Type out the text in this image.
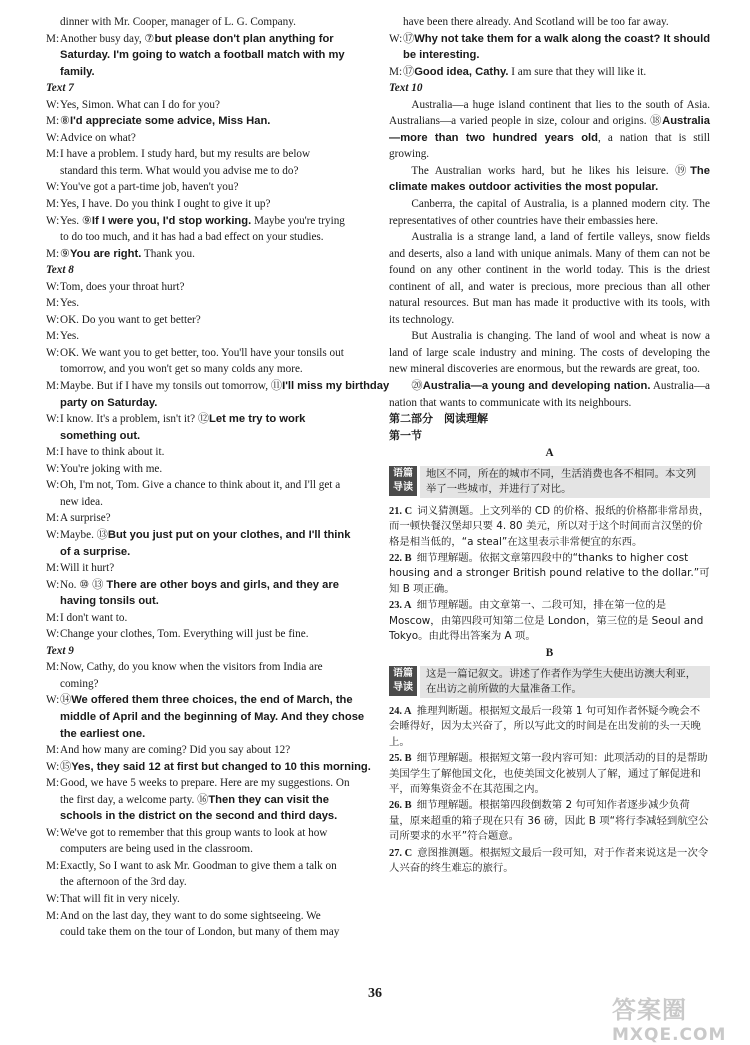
dinner with Mr. Cooper, manager of L. G. Company.
M: Another busy day, ⑦but please don't plan anything for
Saturday. I'm going to watch a football match with my
family.
Text 7
W: Yes, Simon. What can I do for you?
M: ⑧I'd appreciate some advice, Miss Han.
W: Advice on what?
M: I have a problem. I study hard, but my results are below
standard this term. What would you advise me to do?
W: You've got a part-time job, haven't you?
M: Yes, I have. Do you think I ought to give it up?
W: Yes. ⑨If I were you, I'd stop working. Maybe you're trying
to do too much, and it has had a bad effect on your studies.
M: ⑨You are right. Thank you.
Text 8
W: Tom, does your throat hurt?
M: Yes.
W: OK. Do you want to get better?
M: Yes.
W: OK. We want you to get better, too. You'll have your tonsils out
tomorrow, and you won't get so many colds any more.
M: Maybe. But if I have my tonsils out tomorrow, ⑪I'll miss my birthday
party on Saturday.
W: I know. It's a problem, isn't it? ⑫Let me try to work
something out.
M: I have to think about it.
W: You're joking with me.
W: Oh, I'm not, Tom. Give a chance to think about it, and I'll get a
new idea.
M: A surprise?
W: Maybe. ⑬But you just put on your clothes, and I'll think
of a surprise.
M: Will it hurt?
W: No. ⑩ ⑬ There are other boys and girls, and they are
having tonsils out.
M: I don't want to.
W: Change your clothes, Tom. Everything will just be fine.
Text 9
M: Now, Cathy, do you know when the visitors from India are
coming?
W: ⑭We offered them three choices, the end of March, the
middle of April and the beginning of May. And they chose
the earliest one.
M: And how many are coming? Did you say about 12?
W: ⑮Yes, they said 12 at first but changed to 10 this morning.
M: Good, we have 5 weeks to prepare. Here are my suggestions. On
the first day, a welcome party. ⑯Then they can visit the
schools in the district on the second and third days.
W: We've got to remember that this group wants to look at how
computers are being used in the classroom.
M: Exactly, So I want to ask Mr. Goodman to give them a talk on
the afternoon of the 3rd day.
W: That will fit in very nicely.
M: And on the last day, they want to do some sightseeing. We
could take them on the tour of London, but many of them may
have been there already. And Scotland will be too far away.
W: ⑰Why not take them for a walk along the coast? It should
be interesting.
M: ⑰Good idea, Cathy. I am sure that they will like it.
Text 10
Australia—a huge island continent that lies to the south of Asia. Australians—a varied people in size, colour and origins. ⑱Australia—more than two hundred years old, a nation that is still growing.
The Australian works hard, but he likes his leisure. ⑲The climate makes outdoor activities the most popular.
Canberra, the capital of Australia, is a planned modern city. The representatives of other countries have their embassies here.
Australia is a strange land, a land of fertile valleys, snow fields and deserts, also a land with unique animals. Many of them can not be found on any other continent in the world today. This is the driest continent of all, and water is precious, more precious than all other natural resources. But man has made it productive with its tools, with its technology.
But Australia is changing. The land of wool and wheat is now a land of large scale industry and mining. The costs of developing the new mineral discoveries are enormous, but the rewards are great, too.
⑳Australia—a young and developing nation. Australia—a nation that wants to communicate with its neighbours.
第二部分　阅读理解
第一节
A
语篇导读
地区不同，所在的城市不同，生活消费也各不相同。本文列举了一些城市，并进行了对比。
21. C  词义猜测题。上文列举的 CD 的价格、报纸的价格都非常昂贵，而一顿快餐汉堡却只要 4. 80 美元，所以对于这个时间而言汉堡的价格是相当低的，“a steal”在这里表示非常便宜的东西。
22. B  细节理解题。依据文章第四段中的“thanks to higher cost housing and a stronger British pound relative to the dollar.”可知 B 项正确。
23. A  细节理解题。由文章第一、二段可知，排在第一位的是 Moscow，由第四段可知第二位是 London，第三位的是 Seoul and Tokyo。由此得出答案为 A 项。
B
语篇导读
这是一篇记叙文。讲述了作者作为学生大使出访澳大利亚，在出访之前所做的大量准备工作。
24. A  推理判断题。根据短文最后一段第 1 句可知作者怀疑今晚会不会睡得好，因为太兴奋了，所以写此文的时间是在出发前的头一天晚上。
25. B  细节理解题。根据短文第一段内容可知：此项活动的目的是帮助美国学生了解他国文化，也使美国文化被别人了解，通过了解促进和平，而筹集资金不在其范围之内。
26. B  细节理解题。根据第四段倒数第 2 句可知作者逐步减少负荷量，原来超重的箱子现在只有 36 磅，因此 B 项“将行李减轻到航空公司所要求的水平”符合题意。
27. C  意图推测题。根据短文最后一段可知，对于作者来说这是一次令人兴奋的终生难忘的旅行。
36
答案圈
MXQE.COM
